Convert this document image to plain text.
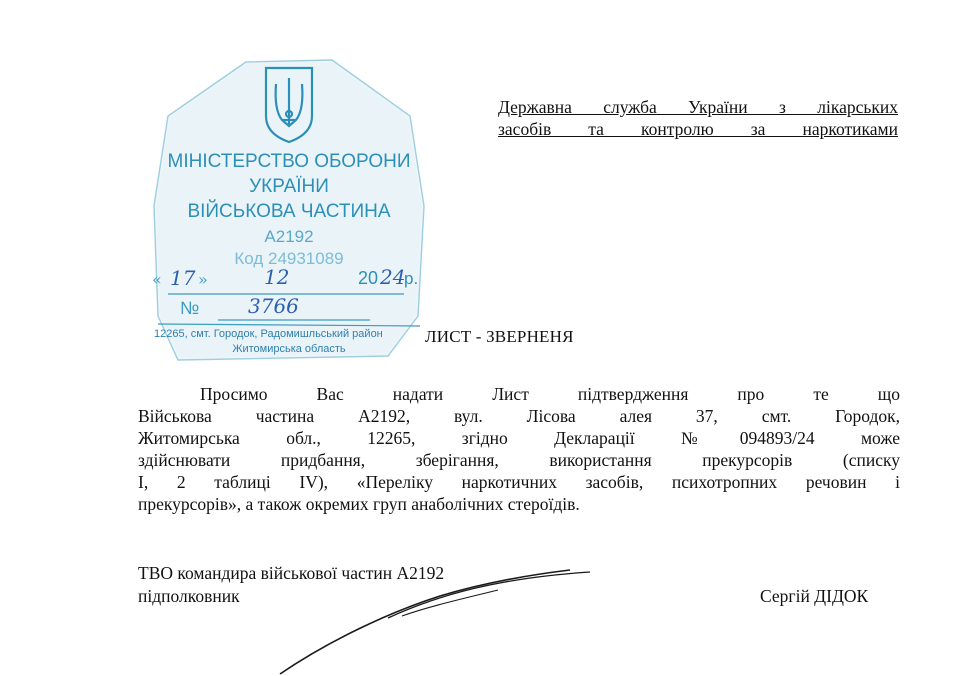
МІНІСТЕРСТВО ОБОРОНИ
УКРАЇНИ
ВІЙСЬКОВА ЧАСТИНА
А2192
Код 24931089
« 17 »	12	20 24
р.
№ 3766
12265, смт. Городок, Радомишльський район
Житомирська область
Державна служба України з лікарських
засобів та контролю за наркотиками
ЛИСТ - ЗВЕРНЕНЯ
Просимо Вас надати Лист підтвердження про те що
Військова частина А2192, вул. Лісова алея 37, смт. Городок,
Житомирська обл., 12265, згідно Декларації №094893/24 може
здійснювати придбання, зберігання, використання прекурсорів (списку
І, 2 таблиці IV), «Переліку наркотичних засобів, психотропних речовин і
прекурсорів», а також окремих груп анаболічних стероїдів.
ТВО командира військової частин А2192
підполковник	Сергій ДІДОК
